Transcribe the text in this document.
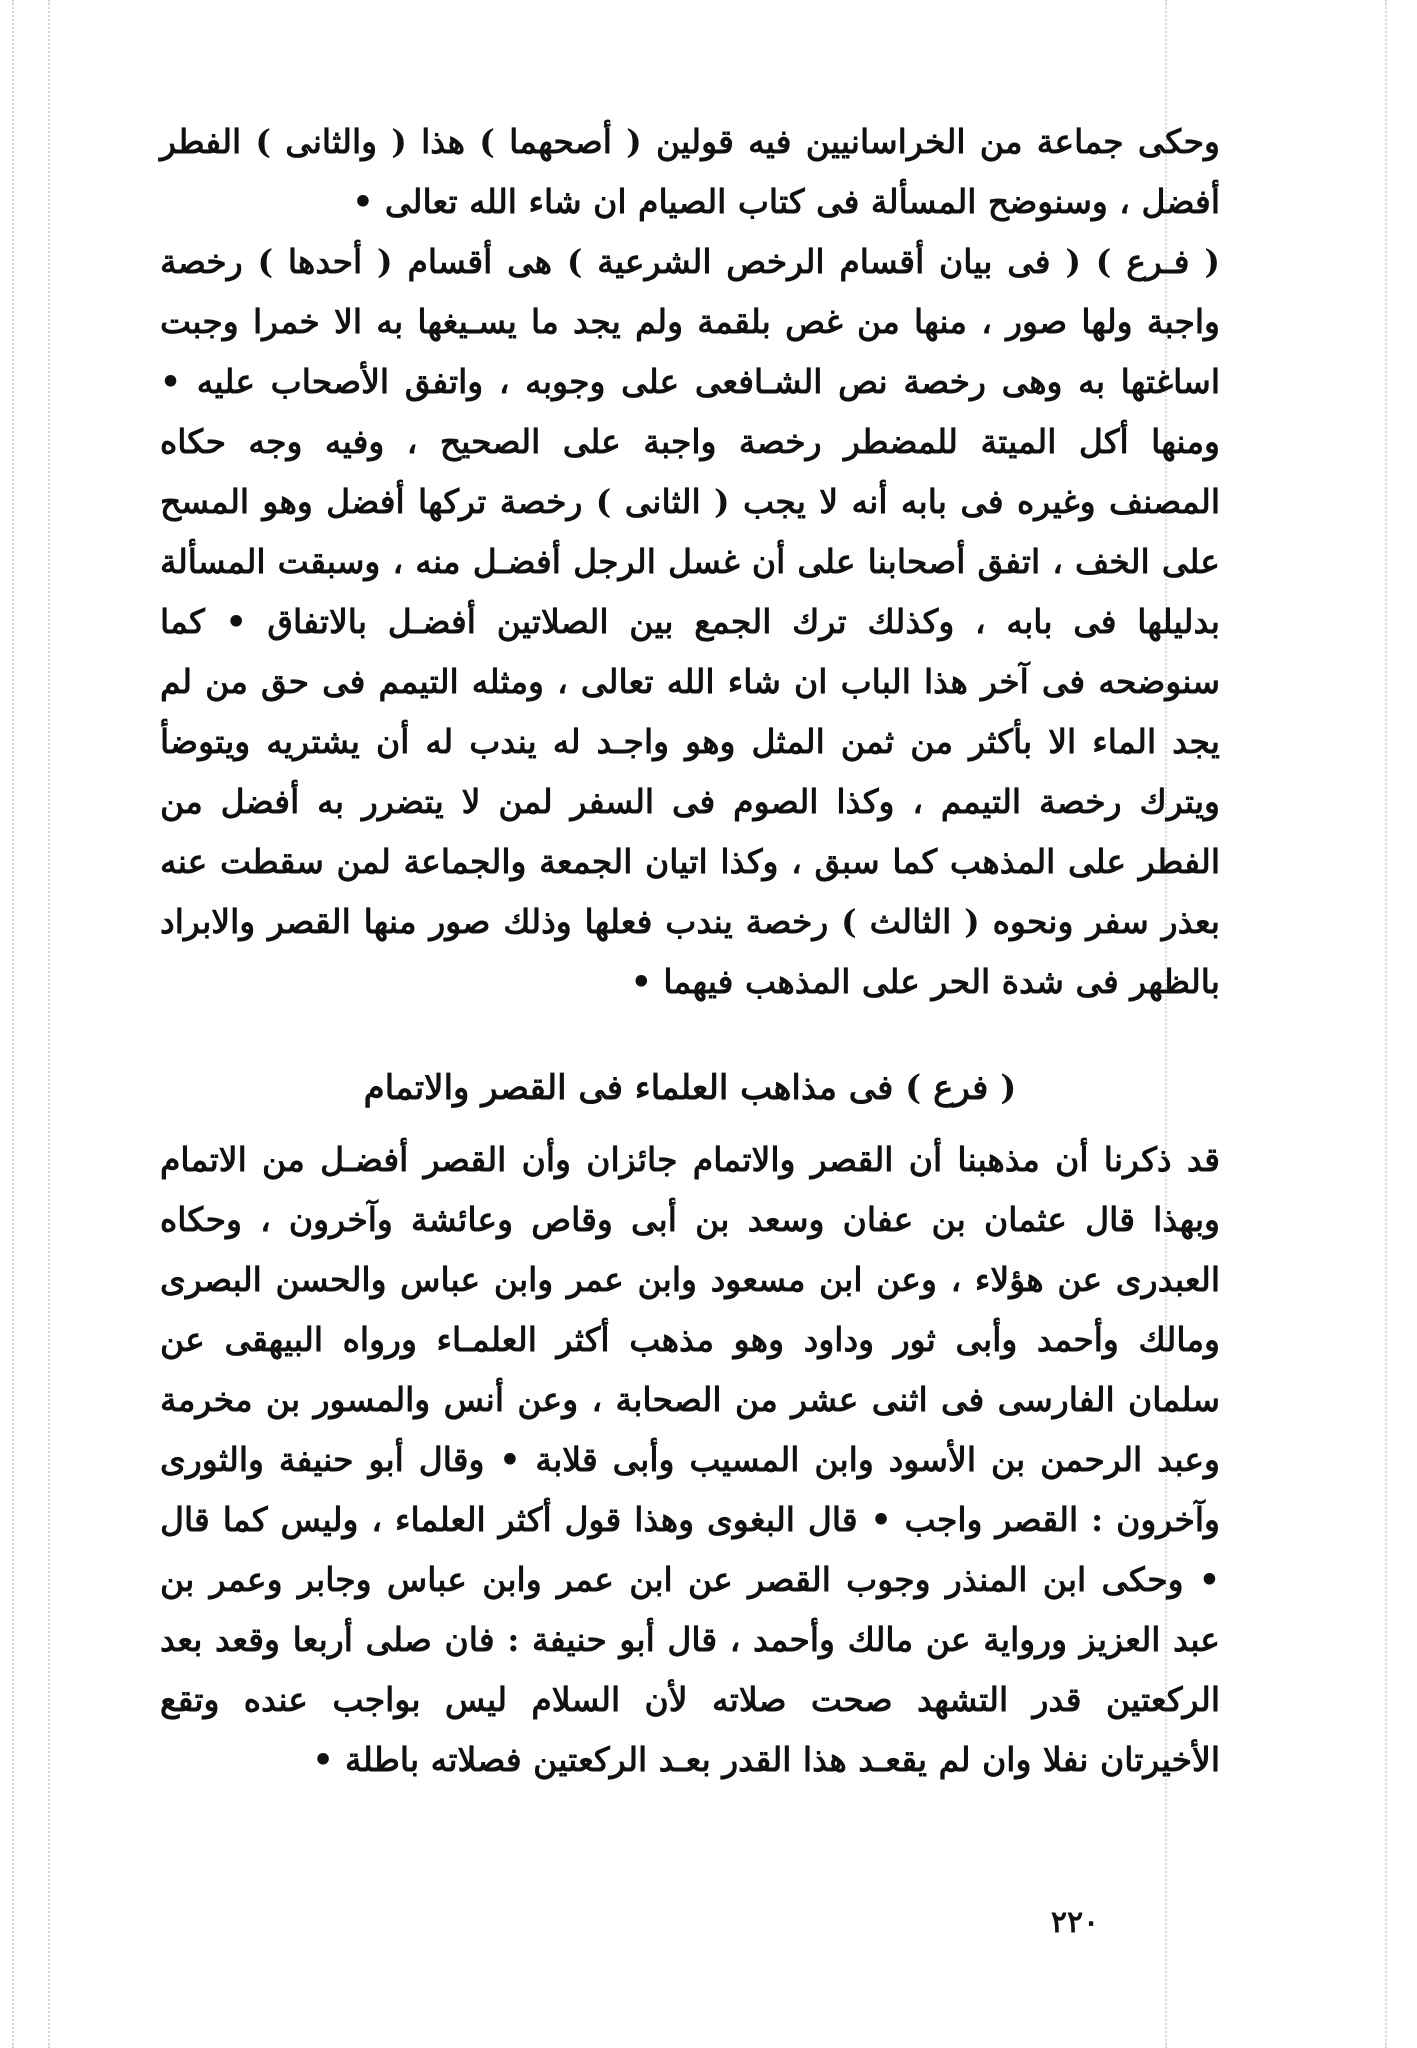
وحكى جماعة من الخراسانيين فيه قولين ( أصحهما ) هذا ( والثانى ) الفطر أفضل ، وسنوضح المسألة فى كتاب الصيام ان شاء الله تعالى •

( فـرع ) ( فى بيان أقسام الرخص الشرعية ) هى أقسام ( أحدها ) رخصة واجبة ولها صور ، منها من غص بلقمة ولم يجد ما يسـيغها به الا خمرا وجبت اساغتها به وهى رخصة نص الشـافعى على وجوبه ، واتفق الأصحاب عليه • ومنها أكل الميتة للمضطر رخصة واجبة على الصحيح ، وفيه وجه حكاه المصنف وغيره فى بابه أنه لا يجب ( الثانى ) رخصة تركها أفضل وهو المسح على الخف ، اتفق أصحابنا على أن غسل الرجل أفضـل منه ، وسبقت المسألة بدليلها فى بابه ، وكذلك ترك الجمع بين الصلاتين أفضـل بالاتفاق • كما سنوضحه فى آخر هذا الباب ان شاء الله تعالى ، ومثله التيمم فى حق من لم يجد الماء الا بأكثر من ثمن المثل وهو واجـد له يندب له أن يشتريه ويتوضأ ويترك رخصة التيمم ، وكذا الصوم فى السفر لمن لا يتضرر به أفضل من الفطر على المذهب كما سبق ، وكذا اتيان الجمعة والجماعة لمن سقطت عنه بعذر سفر ونحوه ( الثالث ) رخصة يندب فعلها وذلك صور منها القصر والابراد بالظهر فى شدة الحر على المذهب فيهما •

( فرع ) فى مذاهب العلماء فى القصر والاتمام

قد ذكرنا أن مذهبنا أن القصر والاتمام جائزان وأن القصر أفضـل من الاتمام وبهذا قال عثمان بن عفان وسعد بن أبى وقاص وعائشة وآخرون ، وحكاه العبدرى عن هؤلاء ، وعن ابن مسعود وابن عمر وابن عباس والحسن البصرى ومالك وأحمد وأبى ثور وداود وهو مذهب أكثر العلمـاء ورواه البيهقى عن سلمان الفارسى فى اثنى عشر من الصحابة ، وعن أنس والمسور بن مخرمة وعبد الرحمن بن الأسود وابن المسيب وأبى قلابة • وقال أبو حنيفة والثورى وآخرون : القصر واجب • قال البغوى وهذا قول أكثر العلماء ، وليس كما قال • وحكى ابن المنذر وجوب القصر عن ابن عمر وابن عباس وجابر وعمر بن عبد العزيز ورواية عن مالك وأحمد ، قال أبو حنيفة : فان صلى أربعا وقعد بعد الركعتين قدر التشهد صحت صلاته لأن السلام ليس بواجب عنده وتقع الأخيرتان نفلا وان لم يقعـد هذا القدر بعـد الركعتين فصلاته باطلة •

٢٢٠
